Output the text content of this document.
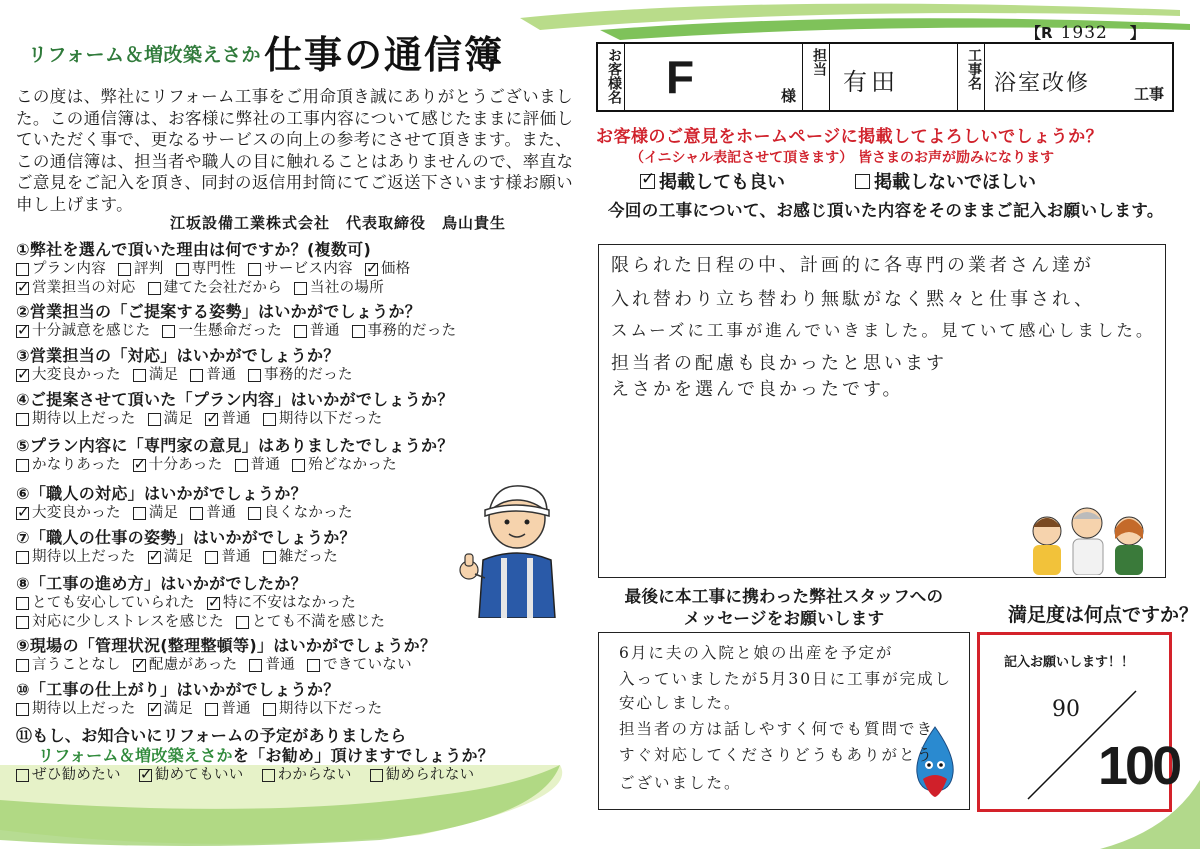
リフォーム＆増改築えさか 仕事の通信簿
この度は、弊社にリフォーム工事をご用命頂き誠にありがとうございました。この通信簿は、お客様に弊社の工事内容について感じたままに評価していただく事で、更なるサービスの向上の参考にさせて頂きます。また、この通信簿は、担当者や職人の目に触れることはありませんので、率直なご意見をご記入を頂き、同封の返信用封筒にてご返送下さいます様お願い申し上げます。
江坂設備工業株式会社　代表取締役　鳥山貴生
①弊社を選んで頂いた理由は何ですか？(複数可)
プラン内容 評判 専門性 サービス内容 ✓ 価格
✓
営業担当の対応 建てた会社だから 当社の場所
②営業担当の「ご提案する姿勢」はいかがでしょうか？
✓
十分誠意を感じた 一生懸命だった 普通 事務的だった
③営業担当の「対応」はいかがでしょうか？
✓
大変良かった 満足 普通 事務的だった
④ご提案させて頂いた「プラン内容」はいかがでしょうか？
期待以上だった 満足 ✓ 普通 期待以下だった
⑤プラン内容に「専門家の意見」はありましたでしょうか？
かなりあった ✓ 十分あった 普通 殆どなかった
⑥「職人の対応」はいかがでしょうか？
✓
大変良かった 満足 普通 良くなかった
⑦「職人の仕事の姿勢」はいかがでしょうか？
期待以上だった ✓ 満足 普通 雑だった
⑧「工事の進め方」はいかがでしたか？
とても安心していられた ✓ 特に不安はなかった
対応に少しストレスを感じた とても不満を感じた
⑨現場の「管理状況(整理整頓等)」はいかがでしょうか？
言うことなし ✓ 配慮があった 普通 できていない
⑩「工事の仕上がり」はいかがでしょうか？
期待以上だった ✓ 満足 普通 期待以下だった
⑪もし、お知合いにリフォームの予定がありましたら
リフォーム＆増改築えさかを「お勧め」頂けますでしょうか？
ぜひ勧めたい ✓ 勧めてもいい わからない 勧められない
【R 1932 】
お客様名 F	様
担当
有田	工事名 浴室改修	工事
お客様のご意見をホームページに掲載してよろしいでしょうか？
（イニシャル表記させて頂きます） 皆さまのお声が励みになります
✓
掲載しても良い	掲載しないでほしい
今回の工事について、お感じ頂いた内容をそのままご記入お願いします。
限られた日程の中、計画的に各専門の業者さん達が
入れ替わり立ち替わり無駄がなく黙々と仕事され、
スムーズに工事が進んでいきました。見ていて感心しました。
担当者の配慮も良かったと思います
えさかを選んで良かったです。
最後に本工事に携わった弊社スタッフへの
メッセージをお願いします
6月に夫の入院と娘の出産を予定が
入っていましたが5月30日に工事が完成し
安心しました。
担当者の方は話しやすく何でも質問でき
すぐ対応してくださりどうもありがとう
ございました。
満足度は何点ですか？
記入お願いします！！
90
100
